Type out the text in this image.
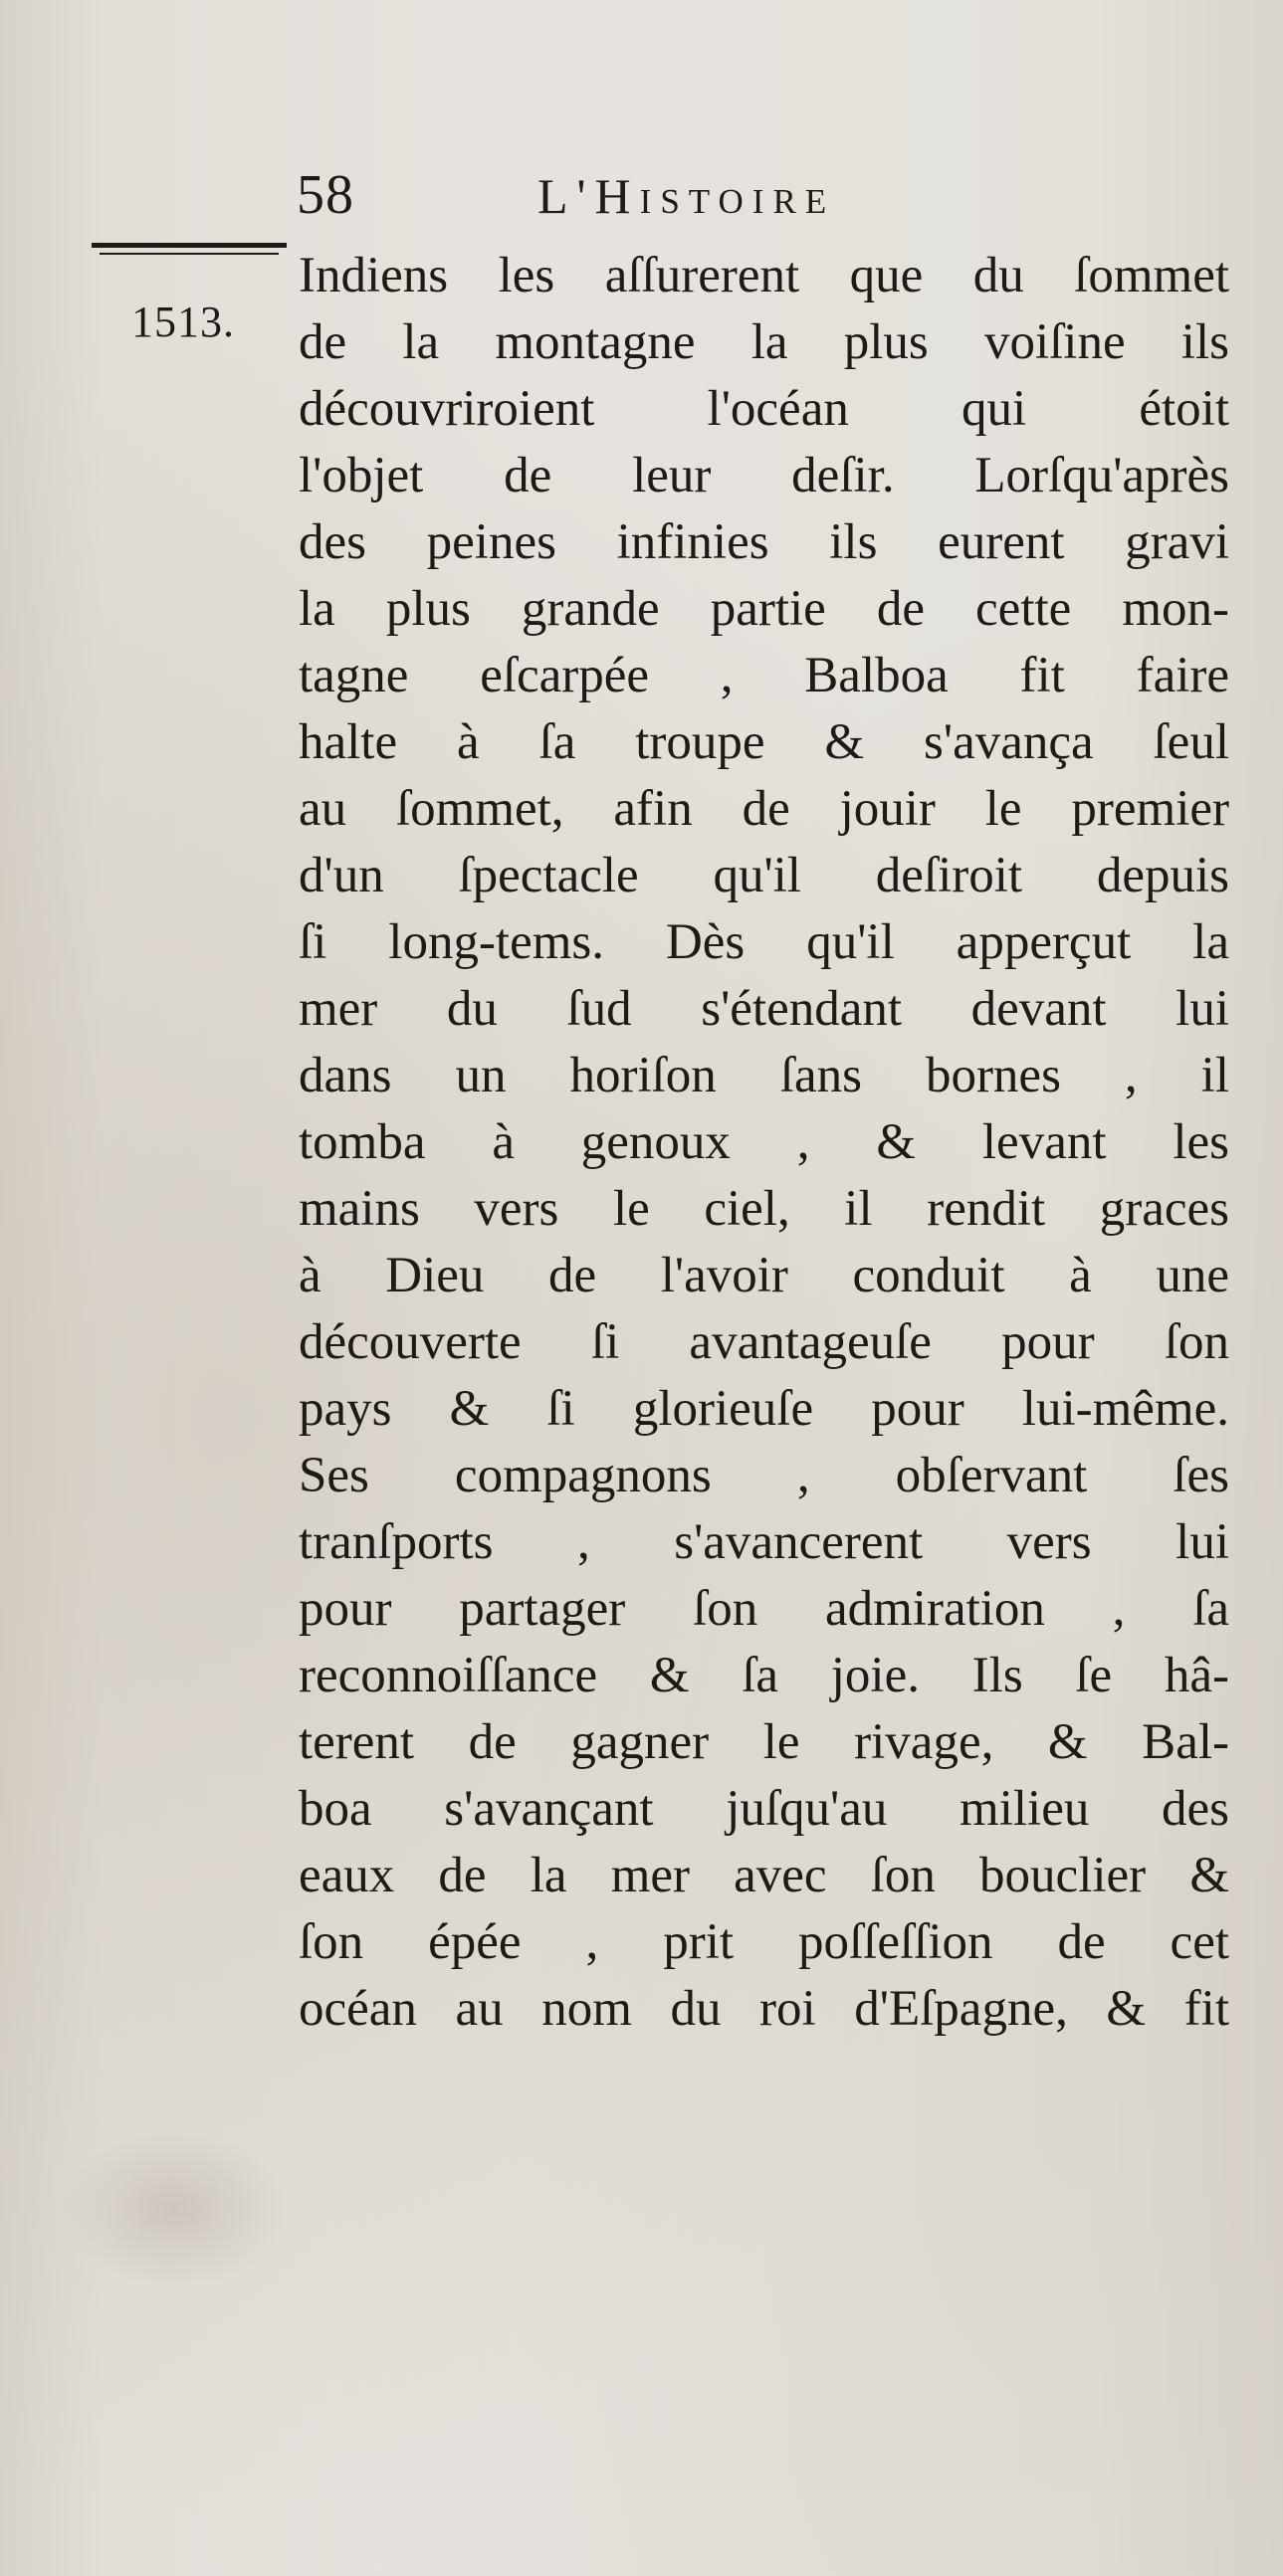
58	L'Histoire
1513.
Indiens les aſſurerent que du ſommet
de la montagne la plus voiſine ils
découvriroient l'océan qui étoit
l'objet de leur deſir. Lorſqu'après
des peines infinies ils eurent gravi
la plus grande partie de cette mon-
tagne eſcarpée , Balboa fit faire
halte à ſa troupe & s'avança ſeul
au ſommet, afin de jouir le premier
d'un ſpectacle qu'il deſiroit depuis
ſi long-tems. Dès qu'il apperçut la
mer du ſud s'étendant devant lui
dans un horiſon ſans bornes , il
tomba à genoux , & levant les
mains vers le ciel, il rendit graces
à Dieu de l'avoir conduit à une
découverte ſi avantageuſe pour ſon
pays & ſi glorieuſe pour lui-même.
Ses compagnons , obſervant ſes
tranſports , s'avancerent vers lui
pour partager ſon admiration , ſa
reconnoiſſance & ſa joie. Ils ſe hâ-
terent de gagner le rivage, & Bal-
boa s'avançant juſqu'au milieu des
eaux de la mer avec ſon bouclier &
ſon épée , prit poſſeſſion de cet
océan au nom du roi d'Eſpagne, & fit
